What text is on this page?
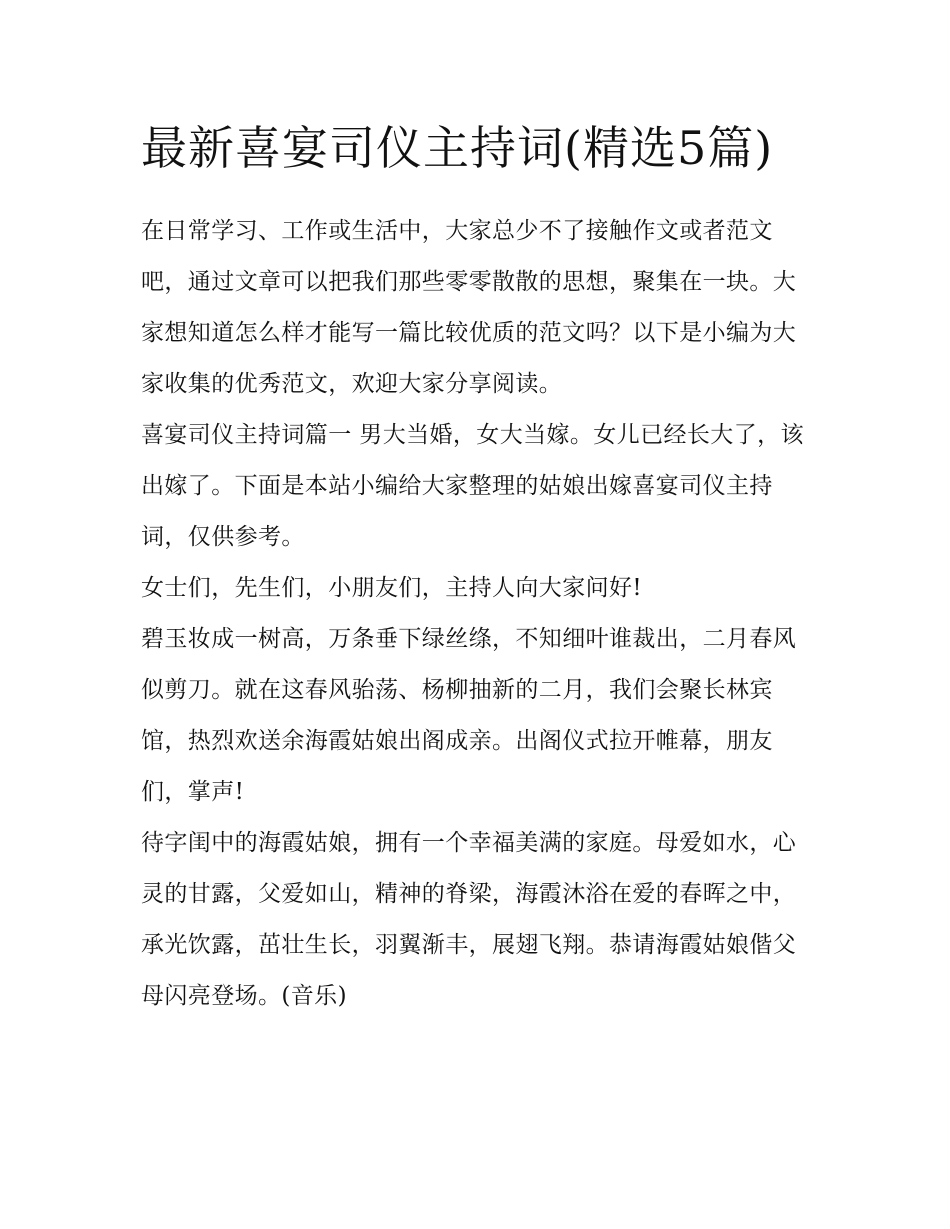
最新喜宴司仪主持词(精选5篇)

在日常学习、工作或生活中，大家总少不了接触作文或者范文吧，通过文章可以把我们那些零零散散的思想，聚集在一块。大家想知道怎么样才能写一篇比较优质的范文吗？以下是小编为大家收集的优秀范文，欢迎大家分享阅读。

喜宴司仪主持词篇一 男大当婚，女大当嫁。女儿已经长大了，该出嫁了。下面是本站小编给大家整理的姑娘出嫁喜宴司仪主持词，仅供参考。

女士们，先生们，小朋友们，主持人向大家问好!

碧玉妆成一树高，万条垂下绿丝绦，不知细叶谁裁出，二月春风似剪刀。就在这春风骀荡、杨柳抽新的二月，我们会聚长林宾馆，热烈欢送余海霞姑娘出阁成亲。出阁仪式拉开帷幕，朋友们，掌声!

待字闺中的海霞姑娘，拥有一个幸福美满的家庭。母爱如水，心灵的甘露，父爱如山，精神的脊梁，海霞沐浴在爱的春晖之中，承光饮露，茁壮生长，羽翼渐丰，展翅飞翔。恭请海霞姑娘偕父母闪亮登场。(音乐)
